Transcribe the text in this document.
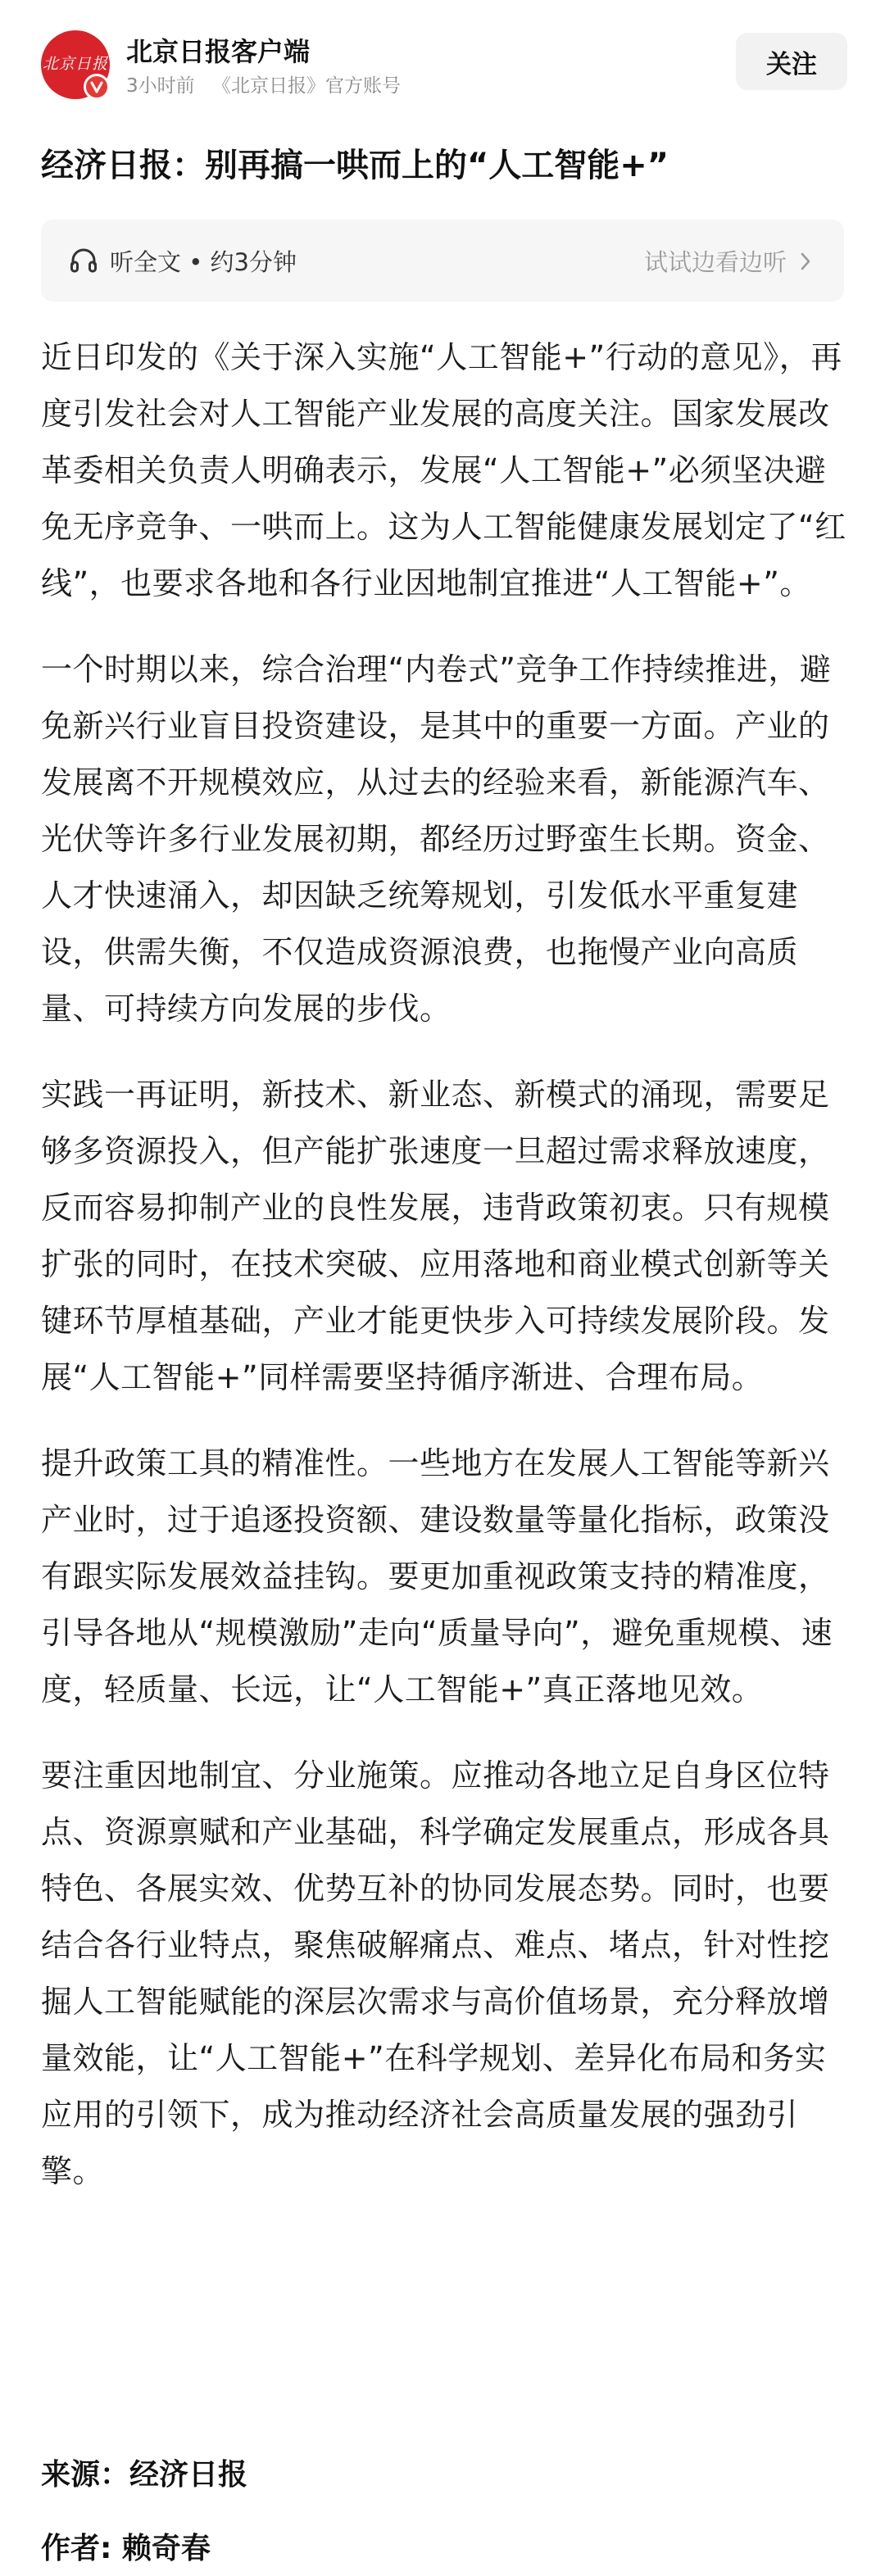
北京日报 北京日报客户端
3小时前 《北京日报》官方账号
关注
经济日报：别再搞一哄而上的“人工智能+”
听全文 • 约3分钟	试试边看边听

近日印发的《关于深入实施“人工智能+”行动的意见》，再度引发社会对人工智能产业发展的高度关注。国家发展改革委相关负责人明确表示，发展“人工智能+”必须坚决避免无序竞争、一哄而上。这为人工智能健康发展划定了“红线”，也要求各地和各行业因地制宜推进“人工智能+”。

一个时期以来，综合治理“内卷式”竞争工作持续推进，避免新兴行业盲目投资建设，是其中的重要一方面。产业的发展离不开规模效应，从过去的经验来看，新能源汽车、光伏等许多行业发展初期，都经历过野蛮生长期。资金、人才快速涌入，却因缺乏统筹规划，引发低水平重复建设，供需失衡，不仅造成资源浪费，也拖慢产业向高质量、可持续方向发展的步伐。

实践一再证明，新技术、新业态、新模式的涌现，需要足够多资源投入，但产能扩张速度一旦超过需求释放速度，反而容易抑制产业的良性发展，违背政策初衷。只有规模扩张的同时，在技术突破、应用落地和商业模式创新等关键环节厚植基础，产业才能更快步入可持续发展阶段。发展“人工智能+”同样需要坚持循序渐进、合理布局。

提升政策工具的精准性。一些地方在发展人工智能等新兴产业时，过于追逐投资额、建设数量等量化指标，政策没有跟实际发展效益挂钩。要更加重视政策支持的精准度，引导各地从“规模激励”走向“质量导向”，避免重规模、速度，轻质量、长远，让“人工智能+”真正落地见效。

要注重因地制宜、分业施策。应推动各地立足自身区位特点、资源禀赋和产业基础，科学确定发展重点，形成各具特色、各展实效、优势互补的协同发展态势。同时，也要结合各行业特点，聚焦破解痛点、难点、堵点，针对性挖掘人工智能赋能的深层次需求与高价值场景，充分释放增量效能，让“人工智能+”在科学规划、差异化布局和务实应用的引领下，成为推动经济社会高质量发展的强劲引擎。

来源：经济日报
作者: 赖奇春
